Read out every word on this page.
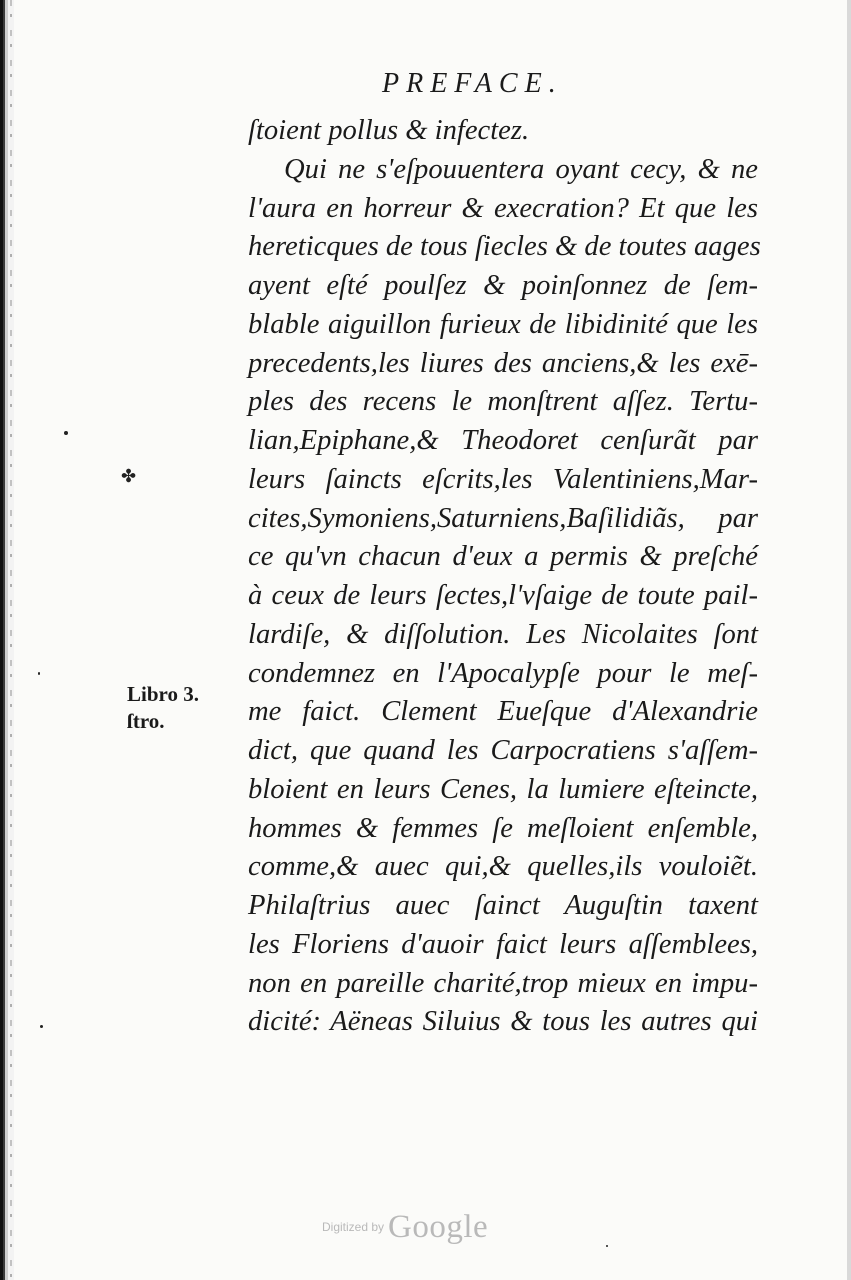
PREFACE.
ſtoient pollus & infectez.
Qui ne s'eſpouuentera oyant cecy, & ne
l'aura en horreur & execration? Et que les
hereticques de tous ſiecles & de toutes aages
ayent eſté poulſez & poinſonnez de ſem-
blable aiguillon furieux de libidinité que les
precedents,les liures des anciens,& les exē-
ples des recens le monſtrent aſſez. Tertu-
lian,Epiphane,& Theodoret cenſurãt par
leurs ſaincts eſcrits,les Valentiniens,Mar-
cites,Symoniens,Saturniens,Baſilidiãs, par
ce qu'vn chacun d'eux a permis & preſché
à ceux de leurs ſectes,l'vſaige de toute pail-
lardiſe, & diſſolution. Les Nicolaites ſont
condemnez en l'Apocalypſe pour le meſ-
me faict. Clement Eueſque d'Alexandrie
dict, que quand les Carpocratiens s'aſſem-
bloient en leurs Cenes, la lumiere eſteincte,
hommes & femmes ſe meſloient enſemble,
comme,& auec qui,& quelles,ils vouloiẽt.
Philaſtrius auec ſainct Auguſtin taxent
les Floriens d'auoir faict leurs aſſemblees,
non en pareille charité,trop mieux en impu-
dicité: Aëneas Siluius & tous les autres qui
Libro 3.
ſtro.
✤
Digitized by Google
